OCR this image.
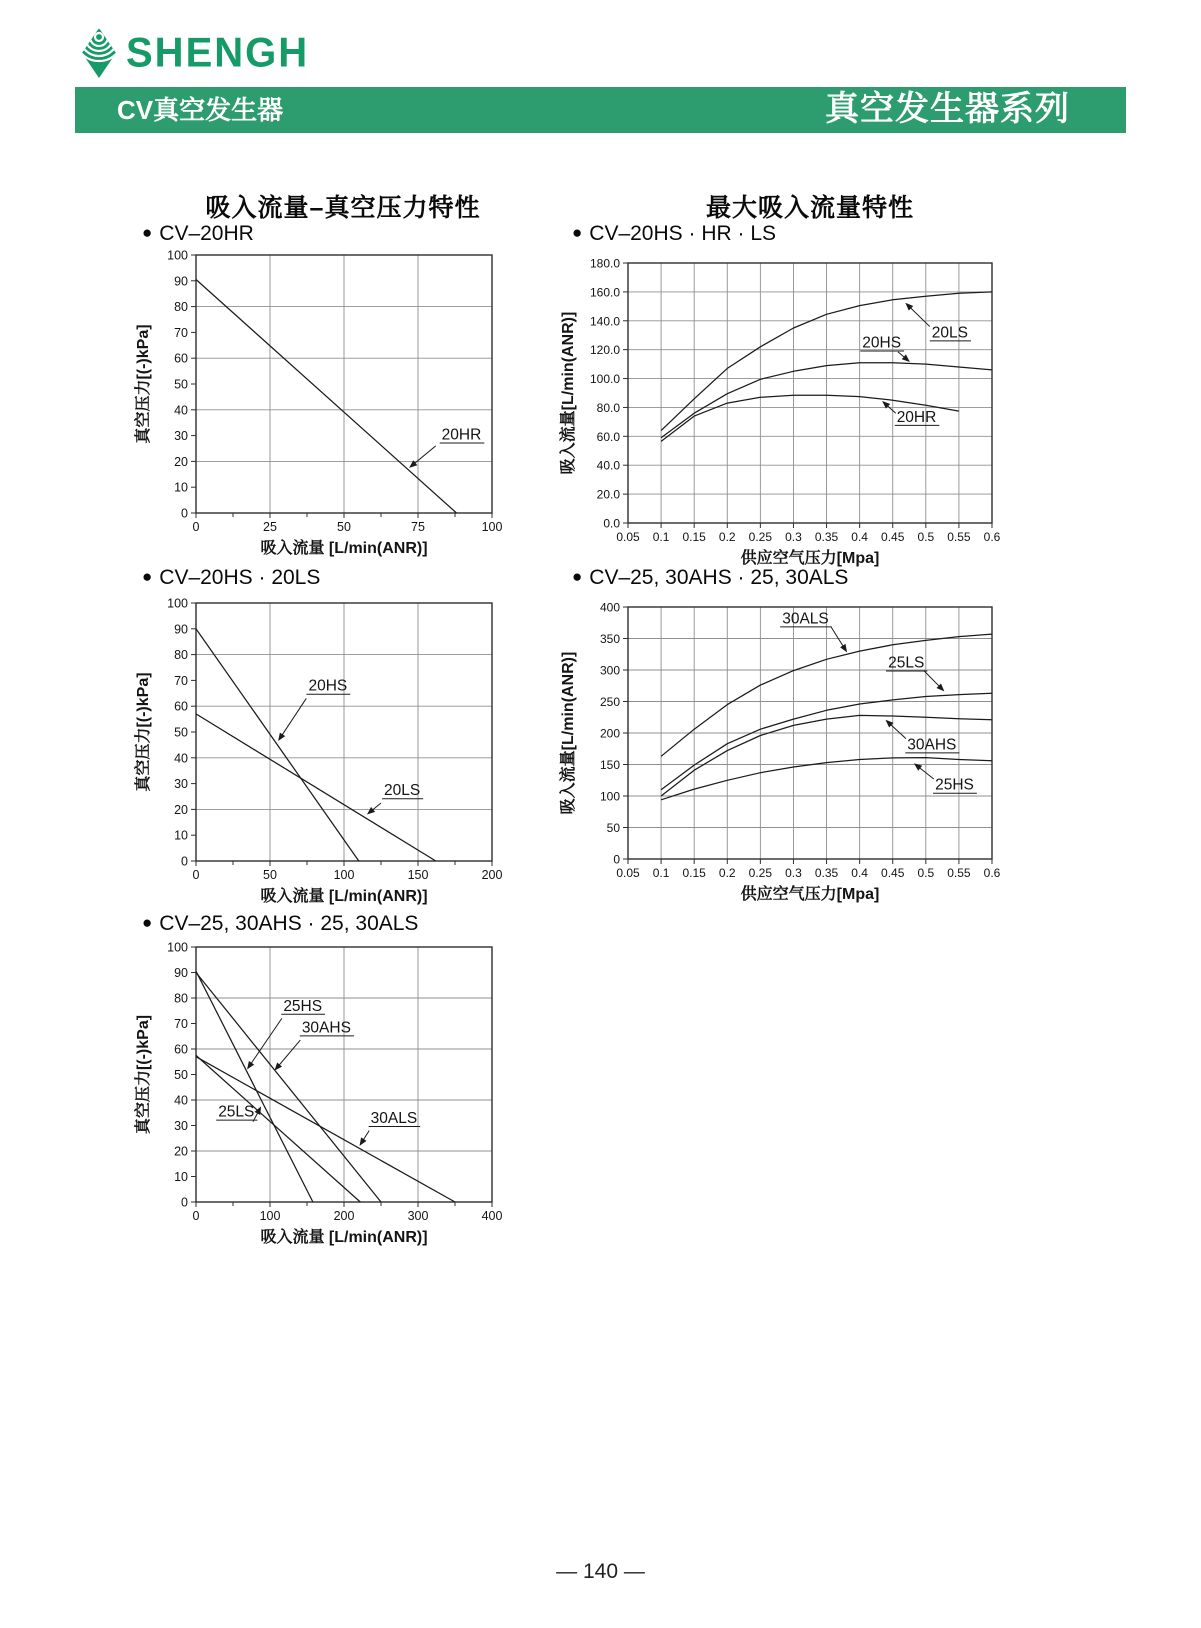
SHENGH
CV真空发生器	真空发生器系列
吸入流量–真空压力特性	最大吸入流量特性
● CV–20HR
● CV–20HS · 20LS
● CV–25, 30AHS · 25, 30ALS
● CV–20HS · HR · LS
● CV–25, 30AHS · 25, 30ALS
0	25	50	75	100
0
10
20
30
40
50
60
70
80
90
100
吸入流量 [L/min(ANR)]
真空压力[(-)kPa]	20HR
0	50	100	150	200
0
10
20
30
40
50
60
70
80
90
100
吸入流量 [L/min(ANR)]
真空压力[(-)kPa]	20HS
20LS
0	100	200	300	400
0
10
20
30
40
50
60
70
80
90
100
吸入流量 [L/min(ANR)]
真空压力[(-)kPa]
25HS
30AHS
25LS	30ALS
0.05 0.1 0.15 0.2 0.25 0.3 0.35 0.4 0.45 0.5 0.55 0.6
0.0
20.0
40.0
60.0
80.0
100.0
120.0
140.0
160.0
180.0
供应空气压力[Mpa]
吸入流量[L/min(ANR)]	20LS
20HS
20HR
0.05 0.1 0.15 0.2 0.25 0.3 0.35 0.4 0.45 0.5 0.55 0.6
0
50
100
150
200
250
300
350
400
供应空气压力[Mpa]
吸入流量[L/min(ANR)]
30ALS
25LS
30AHS
25HS
— 140 —
